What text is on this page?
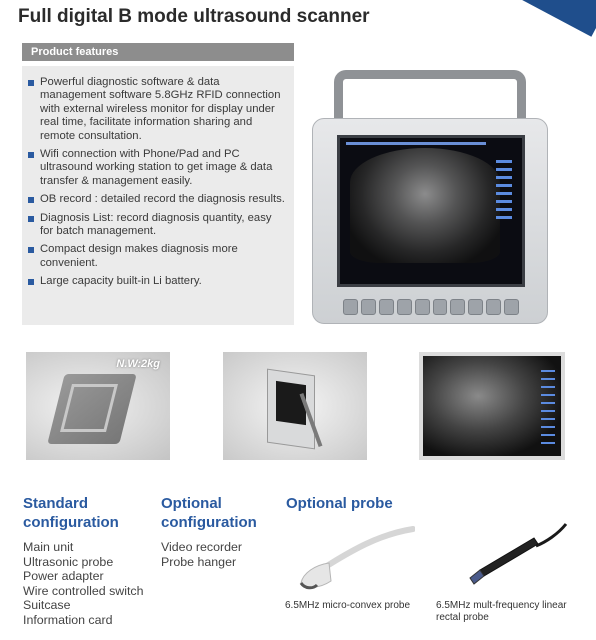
Full digital B mode ultrasound scanner
Product features
Powerful diagnostic software & data management software 5.8GHz RFID connection with external wireless monitor for display under real time, facilitate information sharing and remote consultation.
Wifi connection with Phone/Pad and PC ultrasound working station to get image & data transfer & management easily.
OB record : detailed record the diagnosis results.
Diagnosis List: record diagnosis quantity, easy for batch management.
Compact design makes diagnosis more convenient.
Large capacity built-in Li battery.
N.W:2kg
Standard
configuration
Optional
configuration
Optional probe
Main unit
Ultrasonic probe
Power adapter
Wire controlled switch
Suitcase
Information card
Video recorder
Probe hanger
6.5MHz micro-convex probe	6.5MHz mult-frequency linear rectal probe
